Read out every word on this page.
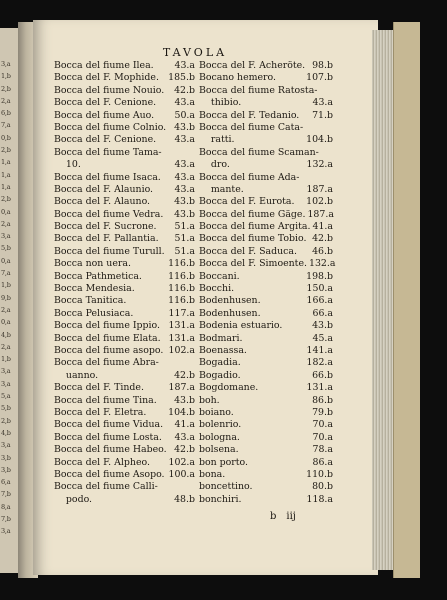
3,a
1,b
2,b
2,a
6,b
7,a
0,b
2,b
1,a
1,a
1,a
2,b
0,a
2,a
3,a
5,b
0,a
7,a
1,b
9,b
2,a
0,a
4,b
2,a
1,b
3,a
3,a
5,a
5,b
2,b
4,b
3,a
3,b
3,b
6,a
7,b
8,a
7,b
3,a
TAVOLA
Bocca del fiume Ilea. 43.a
Bocca del F. Mophide. 185.b
Bocca del fiume Nouio. 42.b
Bocca del F. Cenione. 43.a
Bocca del fiume Auo. 50.a
Bocca del fiume Colnio. 43.b
Bocca del F. Cenione. 43.a
Bocca del fiume Tama-
10.	43.a
Bocca del fiume Isaca. 43.a
Bocca del F. Alaunio. 43.a
Bocca del F. Alauno.	43.b
Bocca del fiume Vedra. 43.b
Bocca del F. Sucrone. 51.a
Bocca del F. Pallantia. 51.a
Bocca del fiume Turull. 51.a
Bocca non uera.	116.b
Bocca Pathmetica.	116.b
Bocca Mendesia.	116.b
Bocca Tanitica.	116.b
Bocca Pelusiaca.	117.a
Bocca del fiume Ippio. 131.a
Bocca del fiume Elata. 131.a
Bocca del fiume asopo. 102.a
Bocca del fiume Abra-
uanno.	42.b
Bocca del F. Tinde.	187.a
Bocca del fiume Tina. 43.b
Bocca del F. Eletra. 104.b
Bocca del fiume Vidua. 41.a
Bocca del fiume Losta. 43.a
Bocca del fiume Habeo. 42.b
Bocca del F. Alpheo. 102.a
Bocca del fiume Asopo. 100.a
Bocca del fiume Calli-
podo.	48.b
Bocca del F. Acheröte. 98.b
Bocano hemero.	107.b
Bocca del fiume Ratosta-
thibio.	43.a
Bocca del F. Tedanio. 71.b
Bocca del fiume Cata-
ratti.	104.b
Bocca del fiume Scaman-
dro.	132.a
Bocca del fiume Ada-
mante.	187.a
Bocca del F. Eurota. 102.b
Bocca del fiume Gäge. 187.a
Bocca del fiume Argita. 41.a
Bocca del fiume Tobio. 42.b
Bocca del F. Saduca. 46.b
Bocca del F. Simoente. 132.a
Boccani.	198.b
Bocchi.	150.a
Bodenhusen.	166.a
Bodenhusen.	66.a
Bodenia estuario.	43.b
Bodmari.	45.a
Boenassa.	141.a
Bogadia.	182.a
Bogadio.	66.b
Bogdomane.	131.a
boh.	86.b
boiano.	79.b
bolenrio.	70.a
bologna.	70.a
bolsena.	78.a
bon porto.	86.a
bona.	110.b
boncettino.	80.b
bonchiri.	118.a
b iij
